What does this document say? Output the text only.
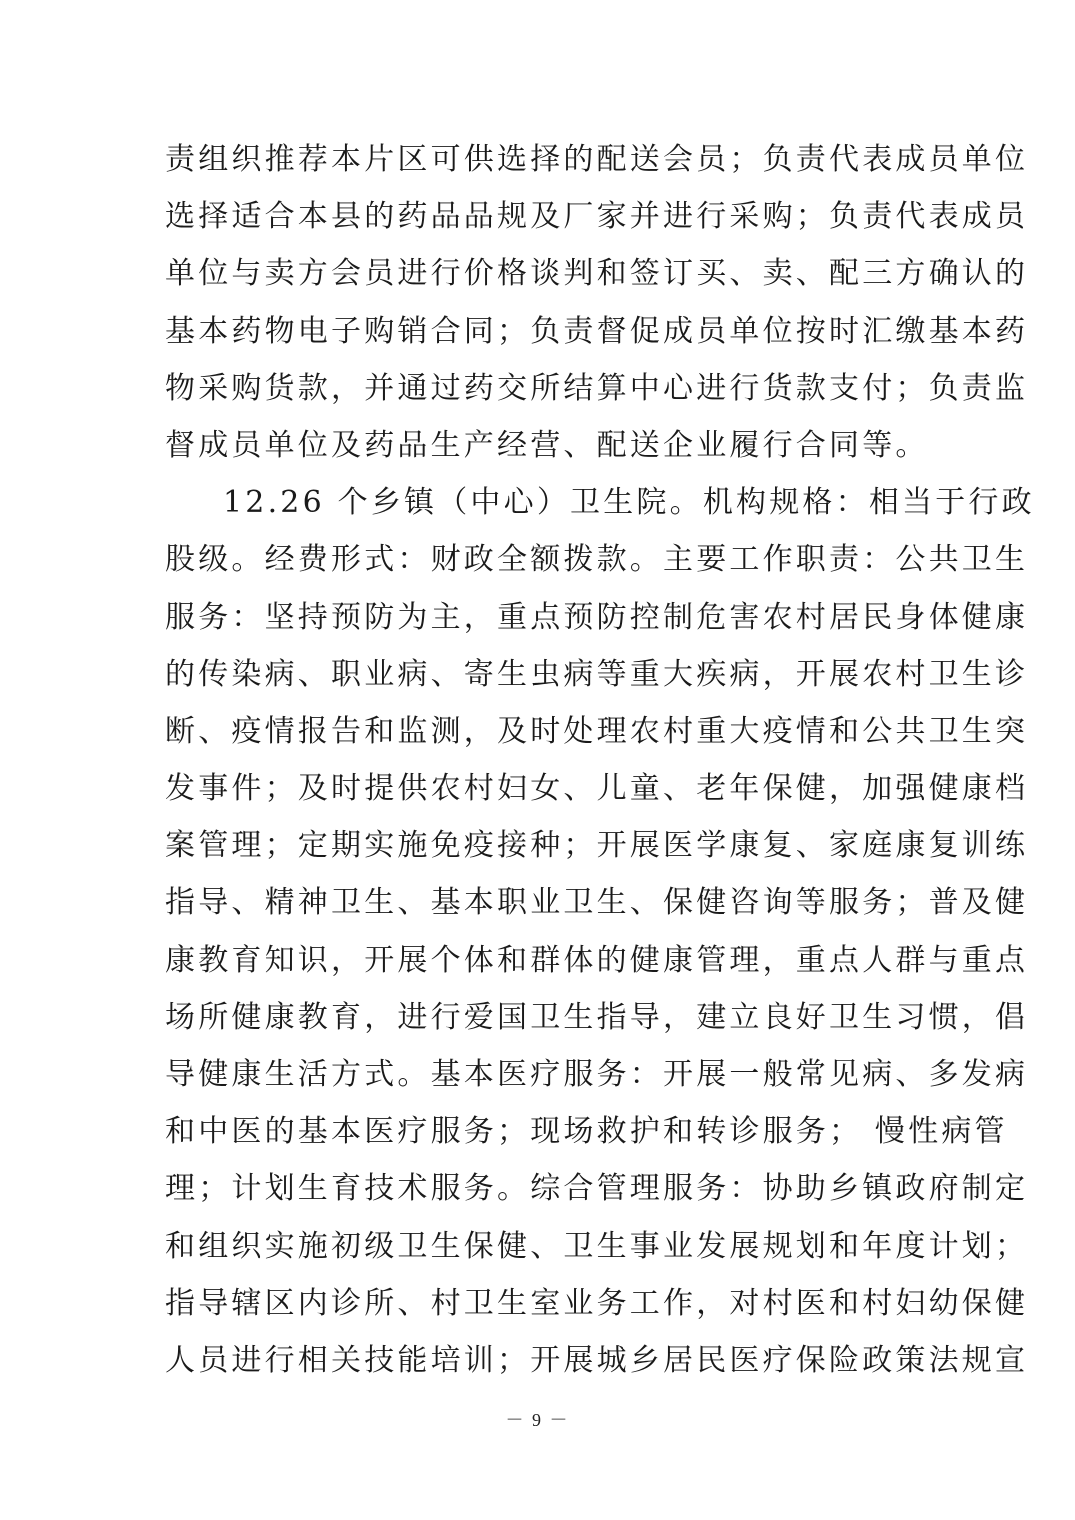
责组织推荐本片区可供选择的配送会员；负责代表成员单位
选择适合本县的药品品规及厂家并进行采购；负责代表成员
单位与卖方会员进行价格谈判和签订买、卖、配三方确认的
基本药物电子购销合同；负责督促成员单位按时汇缴基本药
物采购货款，并通过药交所结算中心进行货款支付；负责监
督成员单位及药品生产经营、配送企业履行合同等。
12.26 个乡镇（中心）卫生院。机构规格：相当于行政
股级。经费形式：财政全额拨款。主要工作职责：公共卫生
服务：坚持预防为主，重点预防控制危害农村居民身体健康
的传染病、职业病、寄生虫病等重大疾病，开展农村卫生诊
断、疫情报告和监测，及时处理农村重大疫情和公共卫生突
发事件；及时提供农村妇女、儿童、老年保健，加强健康档
案管理；定期实施免疫接种；开展医学康复、家庭康复训练
指导、精神卫生、基本职业卫生、保健咨询等服务；普及健
康教育知识，开展个体和群体的健康管理，重点人群与重点
场所健康教育，进行爱国卫生指导，建立良好卫生习惯，倡
导健康生活方式。基本医疗服务：开展一般常见病、多发病
和中医的基本医疗服务；现场救护和转诊服务； 慢性病管
理；计划生育技术服务。综合管理服务：协助乡镇政府制定
和组织实施初级卫生保健、卫生事业发展规划和年度计划；
指导辖区内诊所、村卫生室业务工作，对村医和村妇幼保健
人员进行相关技能培训；开展城乡居民医疗保险政策法规宣
－ 9 －
